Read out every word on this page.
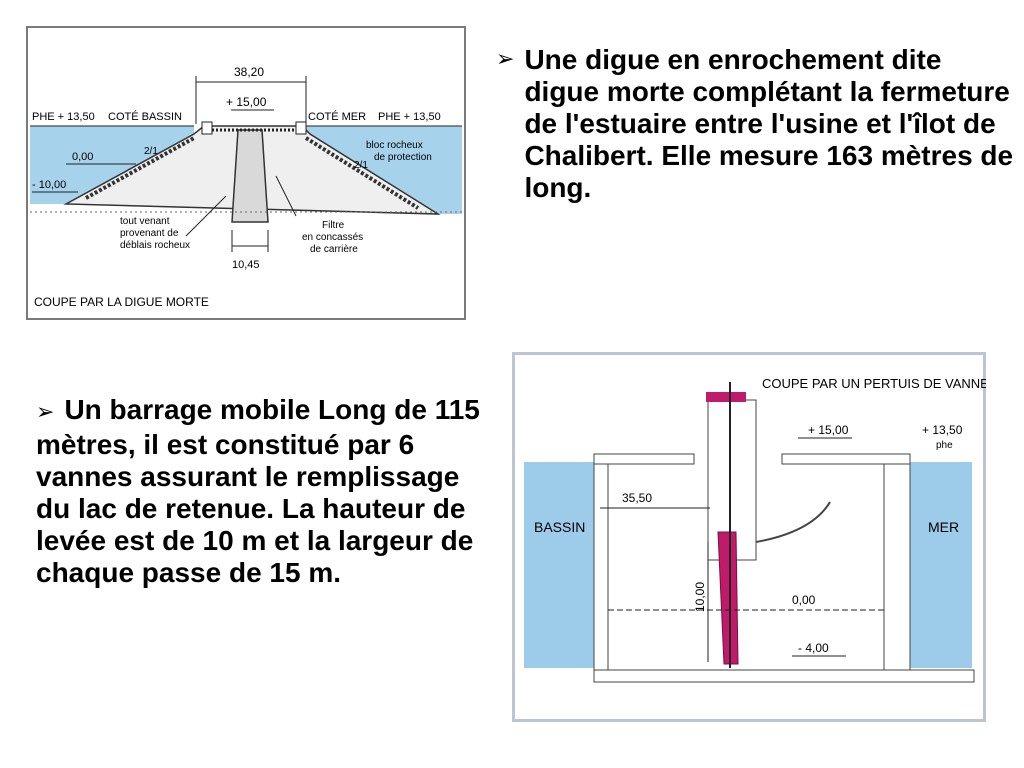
➢ Une digue en enrochement dite digue morte complétant la fermeture de l'estuaire entre l'usine et l'îlot de Chalibert. Elle mesure 163 mètres de long.
➢ Un barrage mobile Long de 115 mètres, il est constitué par 6 vannes assurant le remplissage du lac de retenue. La hauteur de levée est de 10 m et la largeur de chaque passe de 15 m.
38,20
+ 15,00
PHE + 13,50 COTÉ BASSIN	COTÉ MER PHE + 13,50
0,00
- 10,00
2/1
2/1
bloc rocheux
de protection
tout venant
provenant de
déblais rocheux
Filtre
en concassés
de carrière
10,45
COUPE PAR LA DIGUE MORTE
COUPE PAR UN PERTUIS DE VANNE
BASSIN	MER
35,50
+ 15,00	+ 13,50
phe
0,00
- 4,00
10,00
